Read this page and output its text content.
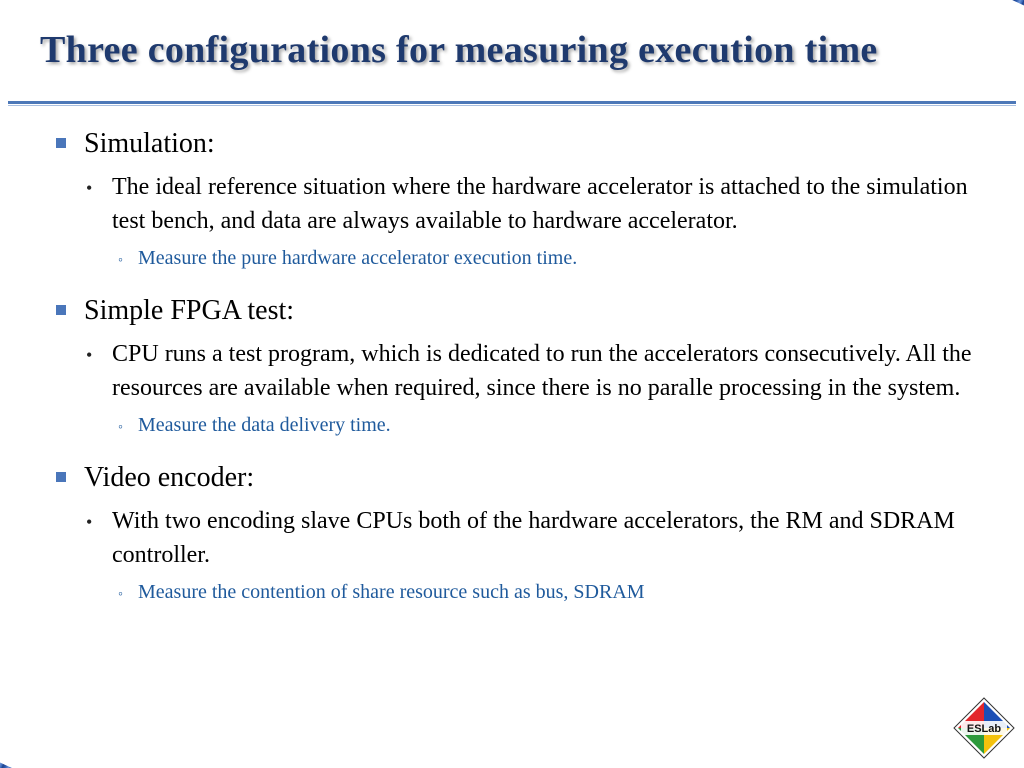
Three configurations for measuring execution time
Simulation:
• The ideal reference situation where the hardware accelerator is attached to the simulation test bench, and data are always available to hardware accelerator.
◦ Measure the pure hardware accelerator execution time.
Simple FPGA test:
• CPU runs a test program, which is dedicated to run the accelerators consecutively. All the resources are available when required, since there is no paralle processing in the system.
◦ Measure the data delivery time.
Video encoder:
• With two encoding slave CPUs both of the hardware accelerators, the RM and SDRAM controller.
◦ Measure the contention of share resource such as bus, SDRAM
ESLab
